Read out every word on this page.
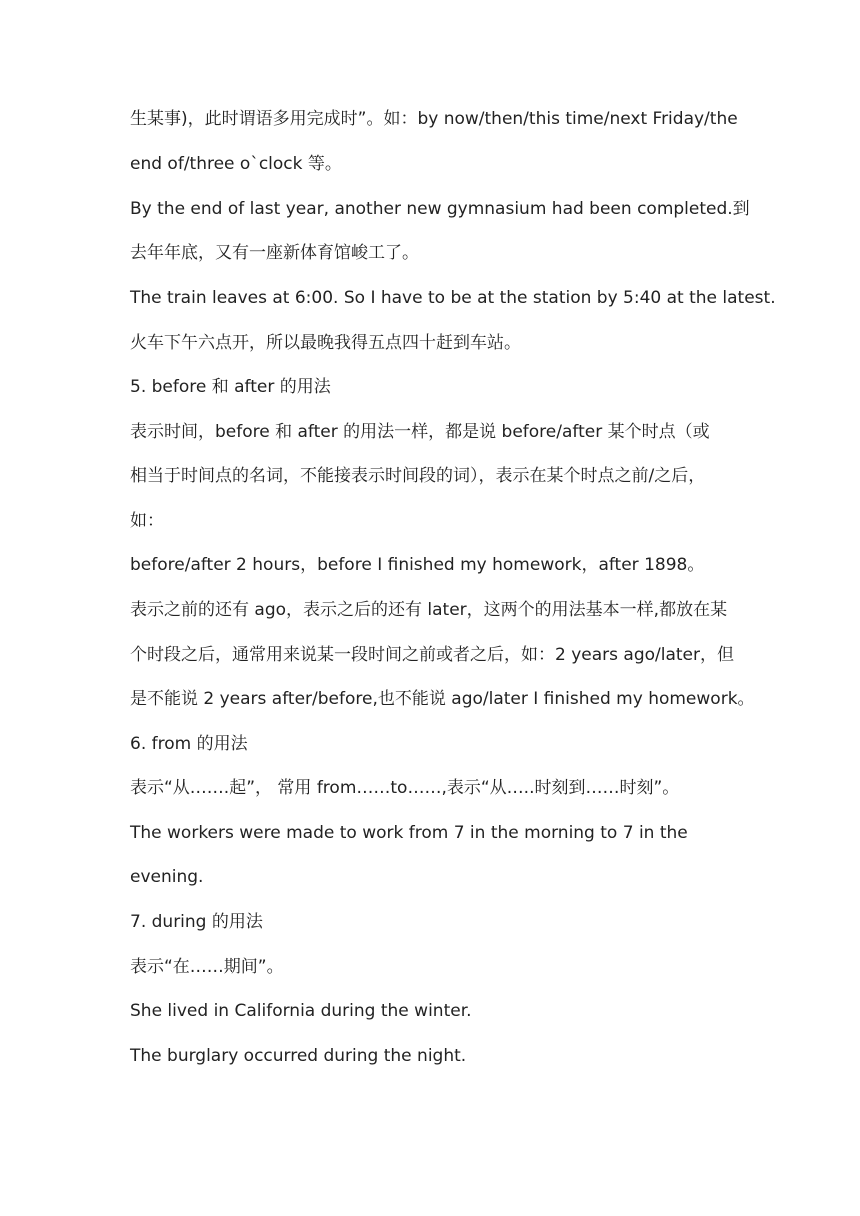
生某事)，此时谓语多用完成时”。如：by now/then/this time/next Friday/the
end of/three o`clock 等。
By the end of last year, another new gymnasium had been completed.到
去年年底，又有一座新体育馆峻工了。
The train leaves at 6:00. So I have to be at the station by 5:40 at the latest.
火车下午六点开，所以最晚我得五点四十赶到车站。
5. before 和 after 的用法
表示时间，before 和 after 的用法一样，都是说 before/after 某个时点（或
相当于时间点的名词，不能接表示时间段的词），表示在某个时点之前/之后，
如：
before/after 2 hours，before I finished my homework，after 1898。
表示之前的还有 ago，表示之后的还有 later，这两个的用法基本一样,都放在某
个时段之后，通常用来说某一段时间之前或者之后，如：2 years ago/later，但
是不能说 2 years after/before,也不能说 ago/later I finished my homework。
6. from 的用法
表示“从…….起”， 常用 from……to……,表示“从…..时刻到……时刻”。
The workers were made to work from 7 in the morning to 7 in the
evening.
7. during 的用法
表示“在……期间”。
She lived in California during the winter.
The burglary occurred during the night.
